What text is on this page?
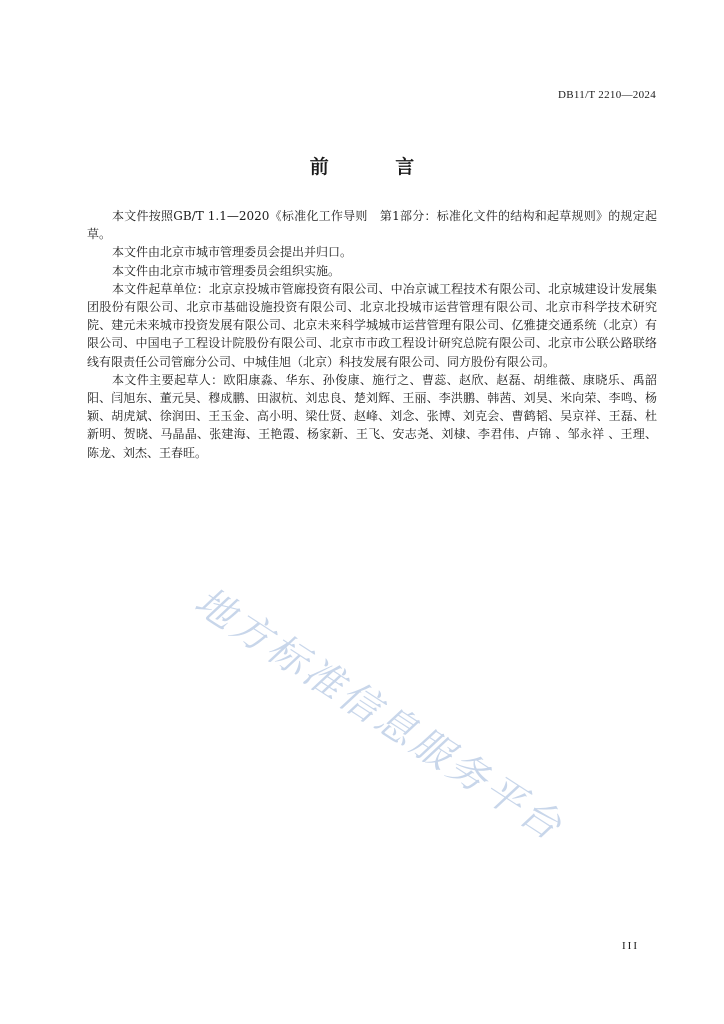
DB11/T 2210—2024
前 言

本文件按照GB/T 1.1—2020《标准化工作导则　第1部分：标准化文件的结构和起草规则》的规定起草。

本文件由北京市城市管理委员会提出并归口。

本文件由北京市城市管理委员会组织实施。

本文件起草单位：北京京投城市管廊投资有限公司、中冶京诚工程技术有限公司、北京城建设计发展集团股份有限公司、北京市基础设施投资有限公司、北京北投城市运营管理有限公司、北京市科学技术研究院、建元未来城市投资发展有限公司、北京未来科学城城市运营管理有限公司、亿雅捷交通系统（北京）有限公司、中国电子工程设计院股份有限公司、北京市市政工程设计研究总院有限公司、北京市公联公路联络线有限责任公司管廊分公司、中城佳旭（北京）科技发展有限公司、同方股份有限公司。

本文件主要起草人：欧阳康淼、华东、孙俊康、施行之、曹蕊、赵欣、赵磊、胡维薇、康晓乐、禹韶阳、闫旭东、董元昊、穆成鹏、田淑杭、刘忠良、楚刘辉、王丽、李洪鹏、韩茜、刘昊、米向荣、李鸣、杨颖、胡虎斌、徐润田、王玉金、高小明、梁仕贤、赵峰、刘念、张博、刘克会、曹鹤韬、吴京祥、王磊、杜新明、贺晓、马晶晶、张建海、王艳霞、杨家新、王飞、安志尧、刘棣、李君伟、卢锦 、邹永祥 、王理、陈龙、刘杰、王春旺。

地方标准信息服务平台
III
